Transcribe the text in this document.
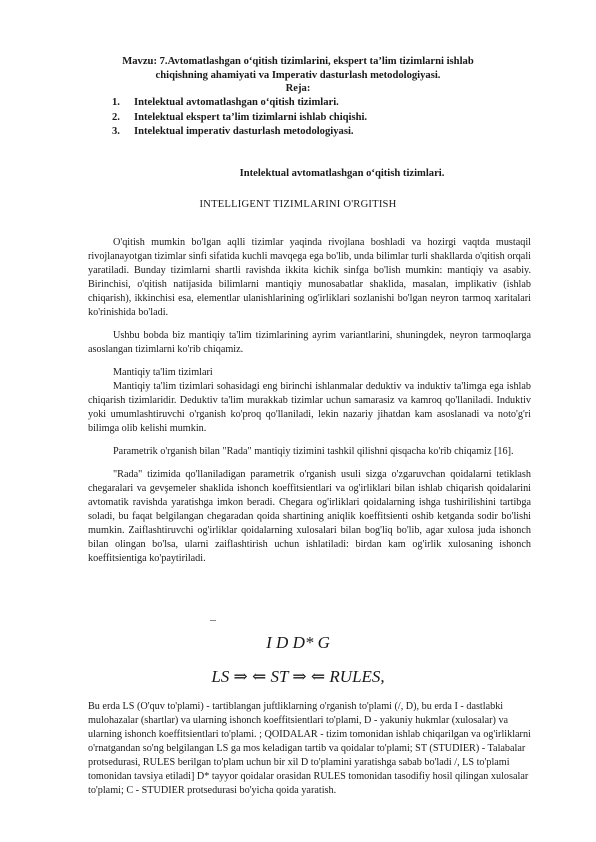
Mavzu: 7.Avtomatlashgan o‘qitish tizimlarini, ekspert ta’lim tizimlarni ishlab chiqishning ahamiyati va Imperativ dasturlash metodologiyasi.
Reja:
1. Intelektual avtomatlashgan o‘qitish tizimlari.
2. Intelektual ekspert ta’lim tizimlarni ishlab chiqishi.
3. Intelektual imperativ dasturlash metodologiyasi.
Intelektual avtomatlashgan o‘qitish tizimlari.
INTELLIGENT TIZIMLARINI O'RGITISH

O'qitish mumkin bo'lgan aqlli tizimlar yaqinda rivojlana boshladi va hozirgi vaqtda mustaqil rivojlanayotgan tizimlar sinfi sifatida kuchli mavqega ega bo'lib, unda bilimlar turli shakllarda o'qitish orqali yaratiladi. Bunday tizimlarni shartli ravishda ikkita kichik sinfga bo'lish mumkin: mantiqiy va asabiy. Birinchisi, o'qitish natijasida bilimlarni mantiqiy munosabatlar shaklida, masalan, implikativ (ishlab chiqarish), ikkinchisi esa, elementlar ulanishlarining og'irliklari sozlanishi bo'lgan neyron tarmoq xaritalari ko'rinishida bo'ladi.

Ushbu bobda biz mantiqiy ta'lim tizimlarining ayrim variantlarini, shuningdek, neyron tarmoqlarga asoslangan tizimlarni ko'rib chiqamiz.

Mantiqiy ta'lim tizimlari

Mantiqiy ta'lim tizimlari sohasidagi eng birinchi ishlanmalar deduktiv va induktiv ta'limga ega ishlab chiqarish tizimlaridir. Deduktiv ta'lim murakkab tizimlar uchun samarasiz va kamroq qo'llaniladi. Induktiv yoki umumlashtiruvchi o'rganish ko'proq qo'llaniladi, lekin nazariy jihatdan kam asoslanadi va noto'g'ri bilimga olib kelishi mumkin.

Parametrik o'rganish bilan "Rada" mantiqiy tizimini tashkil qilishni qisqacha ko'rib chiqamiz [16].

"Rada" tizimida qo'llaniladigan parametrik o'rganish usuli sizga o'zgaruvchan qoidalarni tetiklash chegaralari va gevşemeler shaklida ishonch koeffitsientlari va og'irliklari bilan ishlab chiqarish qoidalarini avtomatik ravishda yaratishga imkon beradi. Chegara og'irliklari qoidalarning ishga tushirilishini tartibga soladi, bu faqat belgilangan chegaradan qoida shartining aniqlik koeffitsienti oshib ketganda sodir bo'lishi mumkin. Zaiflashtiruvchi og'irliklar qoidalarning xulosalari bilan bog'liq bo'lib, agar xulosa juda ishonch bilan olingan bo'lsa, ularni zaiflashtirish uchun ishlatiladi: birdan kam og'irlik xulosaning ishonch koeffitsientiga ko'paytiriladi.

I D D* G
LS ⇒ ⇐ ST ⇒ ⇐ RULES,

Bu erda LS (O'quv to'plami) - tartiblangan juftliklarning o'rganish to'plami (/, D), bu erda I - dastlabki mulohazalar (shartlar) va ularning ishonch koeffitsientlari to'plami, D - yakuniy hukmlar (xulosalar) va ularning ishonch koeffitsientlari to'plami. ; QOIDALAR - tizim tomonidan ishlab chiqarilgan va og'irliklarni o'rnatgandan so'ng belgilangan LS ga mos keladigan tartib va qoidalar to'plami; ST (STUDIER) - Talabalar protsedurasi, RULES berilgan to'plam uchun bir xil D to'plamini yaratishga sabab bo'ladi /, LS to'plami tomonidan tavsiya etiladi] D* tayyor qoidalar orasidan RULES tomonidan tasodifiy hosil qilingan xulosalar to'plami; C - STUDIER protsedurasi bo'yicha qoida yaratish.
